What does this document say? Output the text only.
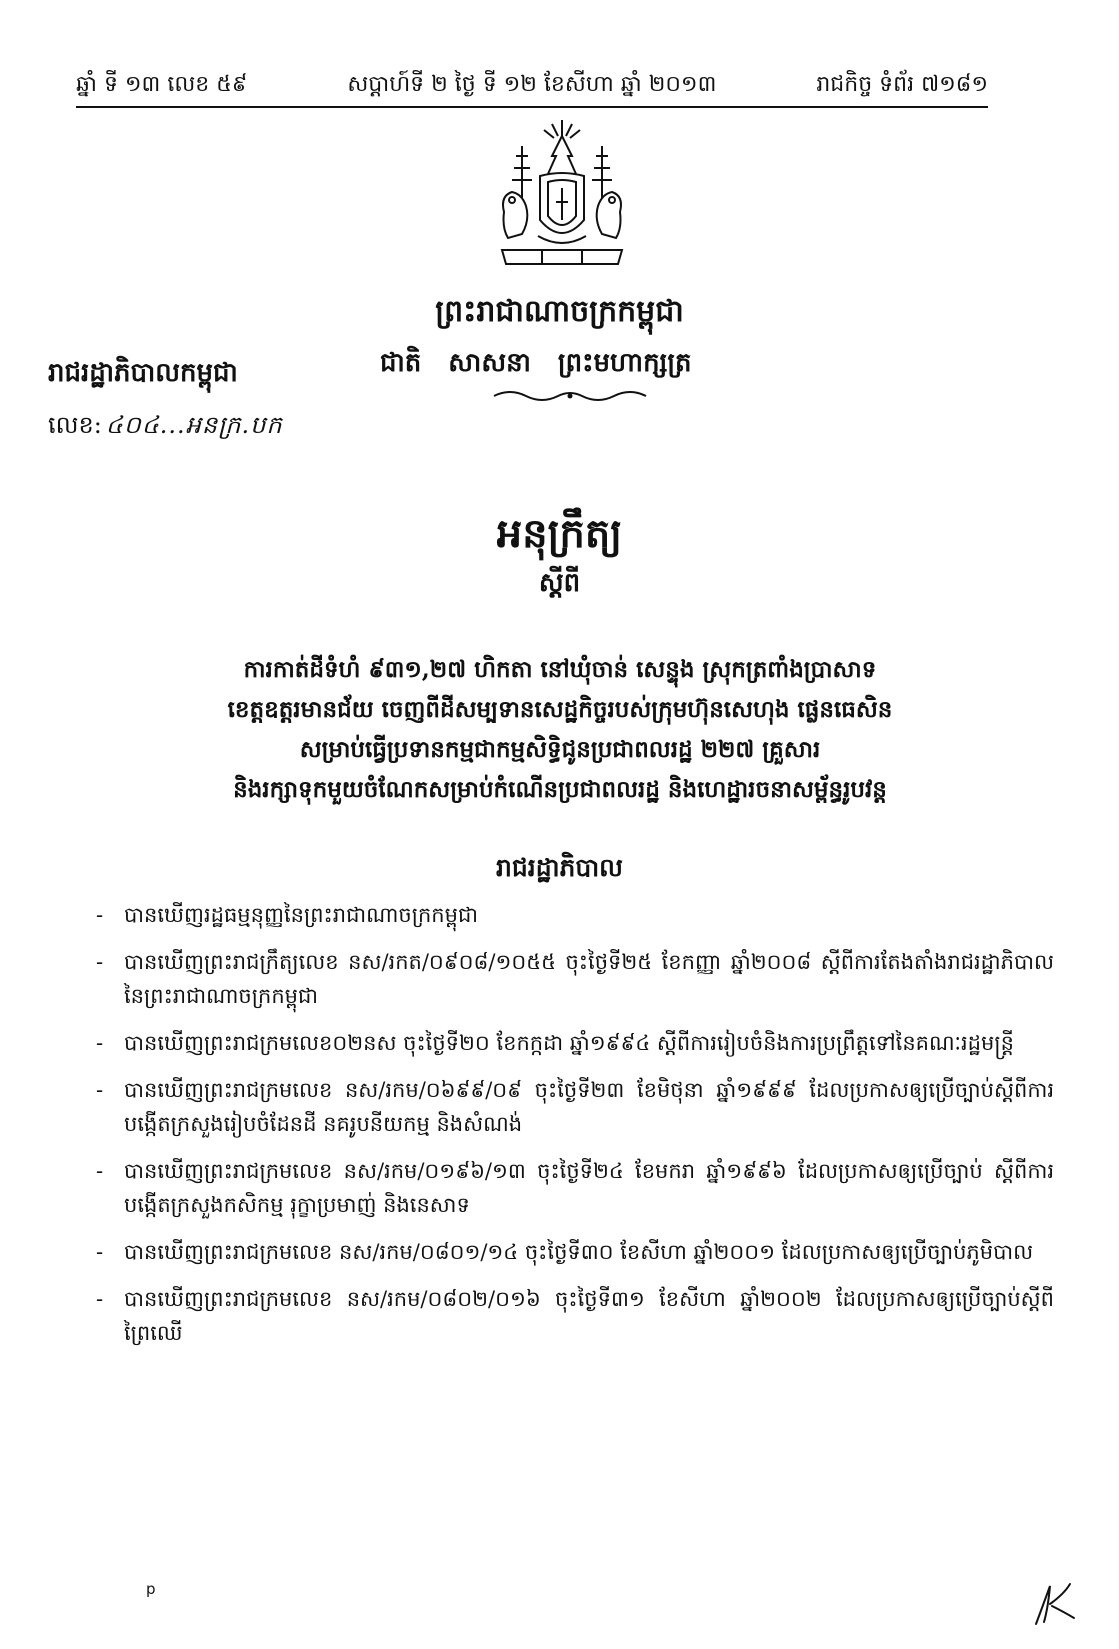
ឆ្នាំ ទី ១៣ លេខ ៥៩	សប្តាហ៍ទី ២ ថ្ងៃ ទី ១២ ខែសីហា ឆ្នាំ ២០១៣	រាជកិច្ច ទំព័រ ៧១៨១
ព្រះរាជាណាចក្រកម្ពុជា
ជាតិ សាសនា ព្រះមហាក្សត្រ
រាជរដ្ឋាភិបាលកម្ពុជា
លេខ: ៤០៤...អនក្រ.បក
អនុក្រឹត្យ
ស្តីពី
ការកាត់ដីទំហំ ៩៣១,២៧ ហិកតា នៅឃុំចាន់ សេន្ទុង ស្រុកត្រពាំងប្រាសាទ
ខេត្តឧត្តរមានជ័យ ចេញពីដីសម្បទានសេដ្ឋកិច្ចរបស់ក្រុមហ៊ុនសេហុង ផ្លេនធេសិន
សម្រាប់ធ្វើប្រទានកម្មជាកម្មសិទ្ធិជូនប្រជាពលរដ្ឋ ២២៧ គ្រួសារ
និងរក្សាទុកមួយចំណែកសម្រាប់កំណើនប្រជាពលរដ្ឋ និងហេដ្ឋារចនាសម្ព័ន្ធរូបវន្ត
រាជរដ្ឋាភិបាល
- បានឃើញរដ្ឋធម្មនុញ្ញនៃព្រះរាជាណាចក្រកម្ពុជា
- បានឃើញព្រះរាជក្រឹត្យលេខ នស/រកត/០៩០៨/១០៥៥ ចុះថ្ងៃទី២៥ ខែកញ្ញា ឆ្នាំ២០០៨ ស្តីពីការតែងតាំងរាជរដ្ឋាភិបាលនៃព្រះរាជាណាចក្រកម្ពុជា
- បានឃើញព្រះរាជក្រមលេខ០២នស ចុះថ្ងៃទី២០ ខែកក្កដា ឆ្នាំ១៩៩៤ ស្តីពីការរៀបចំនិងការប្រព្រឹត្តទៅនៃគណៈរដ្ឋមន្ត្រី
- បានឃើញព្រះរាជក្រមលេខ នស/រកម/០៦៩៩/០៩ ចុះថ្ងៃទី២៣ ខែមិថុនា ឆ្នាំ១៩៩៩ ដែលប្រកាសឲ្យប្រើច្បាប់ស្តីពីការបង្កើតក្រសួងរៀបចំដែនដី នគរូបនីយកម្ម និងសំណង់
- បានឃើញព្រះរាជក្រមលេខ នស/រកម/០១៩៦/១៣ ចុះថ្ងៃទី២៤ ខែមករា ឆ្នាំ១៩៩៦ ដែលប្រកាសឲ្យប្រើច្បាប់ ស្តីពីការបង្កើតក្រសួងកសិកម្ម រុក្ខាប្រមាញ់ និងនេសាទ
- បានឃើញព្រះរាជក្រមលេខ នស/រកម/០៨០១/១៤ ចុះថ្ងៃទី៣០ ខែសីហា ឆ្នាំ២០០១ ដែលប្រកាសឲ្យប្រើច្បាប់ភូមិបាល
- បានឃើញព្រះរាជក្រមលេខ នស/រកម/០៨០២/០១៦ ចុះថ្ងៃទី៣១ ខែសីហា ឆ្នាំ២០០២ ដែលប្រកាសឲ្យប្រើច្បាប់ស្តីពីព្រៃឈើ
p
